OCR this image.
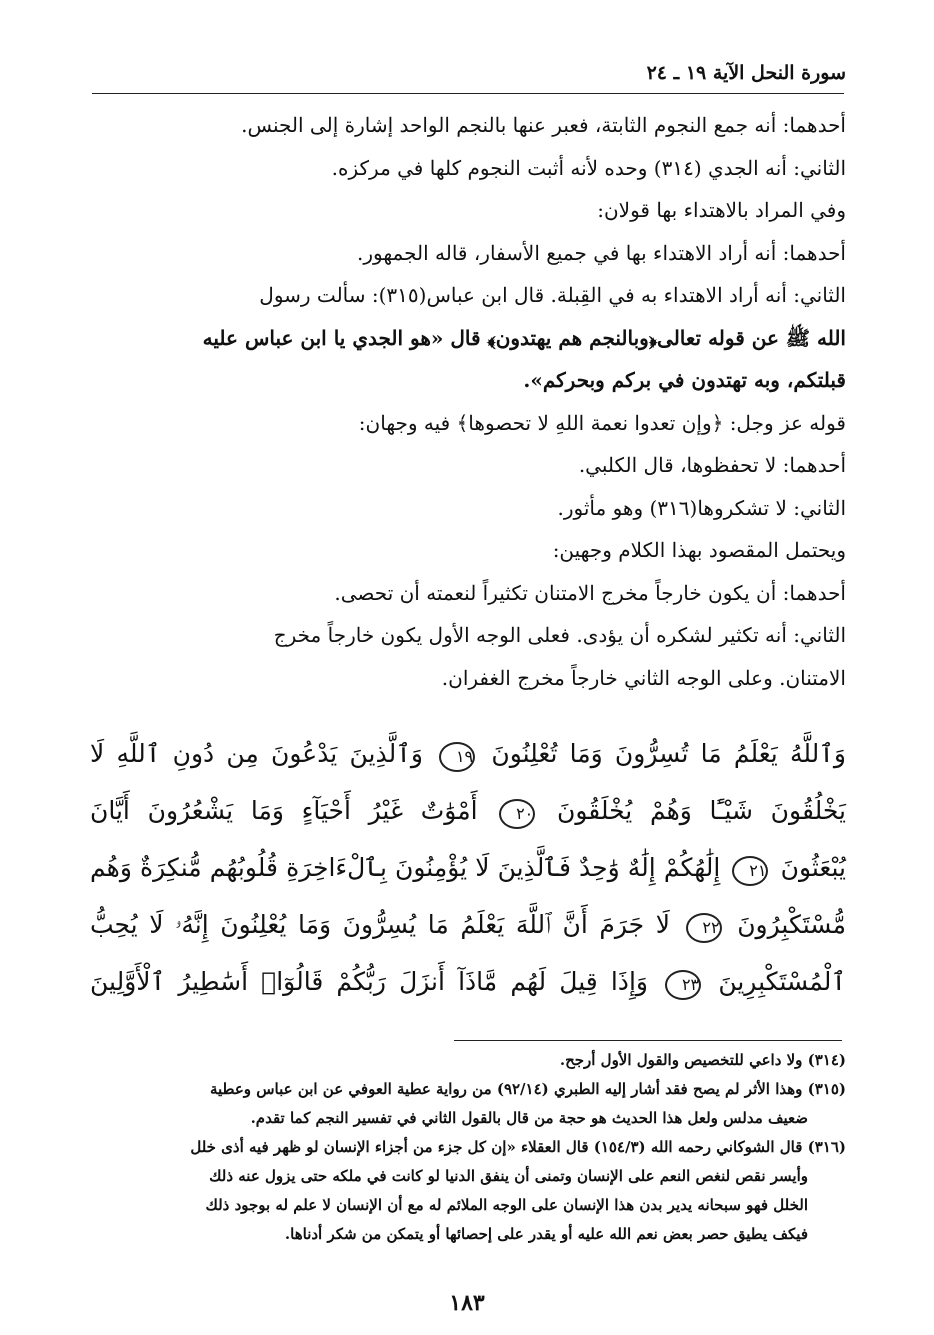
سورة النحل الآية ١٩ ـ ٢٤

أحدهما: أنه جمع النجوم الثابتة، فعبر عنها بالنجم الواحد إشارة إلى الجنس.

الثاني: أنه الجدي (٣١٤) وحده لأنه أثبت النجوم كلها في مركزه.

وفي المراد بالاهتداء بها قولان:

أحدهما: أنه أراد الاهتداء بها في جميع الأسفار، قاله الجمهور.

الثاني: أنه أراد الاهتداء به في القِبلة. قال ابن عباس(٣١٥): سألت رسول

الله ﷺ عن قوله تعالى﴿وبالنجم هم يهتدون﴾ قال «هو الجدي يا ابن عباس عليه

قبلتكم، وبه تهتدون في بركم وبحركم».

قوله عز وجل: ﴿وإن تعدوا نعمة اللهِ لا تحصوها﴾ فيه وجهان:

أحدهما: لا تحفظوها، قال الكلبي.

الثاني: لا تشكروها(٣١٦) وهو مأثور.

ويحتمل المقصود بهذا الكلام وجهين:

أحدهما: أن يكون خارجاً مخرج الامتنان تكثيراً لنعمته أن تحصى.

الثاني: أنه تكثير لشكره أن يؤدى. فعلى الوجه الأول يكون خارجاً مخرج

الامتنان. وعلى الوجه الثاني خارجاً مخرج الغفران.

وَٱللَّهُ يَعْلَمُ مَا تُسِرُّونَ وَمَا تُعْلِنُونَ ١٩ وَٱلَّذِينَ يَدْعُونَ مِن دُونِ ٱللَّهِ لَا

يَخْلُقُونَ شَيْـًٔا وَهُمْ يُخْلَقُونَ ٢٠ أَمْوَٰتٌ غَيْرُ أَحْيَآءٍ وَمَا يَشْعُرُونَ أَيَّانَ

يُبْعَثُونَ ٢١ إِلَٰهُكُمْ إِلَٰهٌ وَٰحِدٌ فَٱلَّذِينَ لَا يُؤْمِنُونَ بِٱلْءَاخِرَةِ قُلُوبُهُم مُّنكِرَةٌ وَهُم

مُّسْتَكْبِرُونَ ٢٢ لَا جَرَمَ أَنَّ ٱللَّهَ يَعْلَمُ مَا يُسِرُّونَ وَمَا يُعْلِنُونَ إِنَّهُۥ لَا يُحِبُّ

ٱلْمُسْتَكْبِرِينَ ٢٣ وَإِذَا قِيلَ لَهُم مَّاذَآ أَنزَلَ رَبُّكُمْ قَالُوٓا۟ أَسَٰطِيرُ ٱلْأَوَّلِينَ

(٣١٤) ولا داعي للتخصيص والقول الأول أرجح.

(٣١٥) وهذا الأثر لم يصح فقد أشار إليه الطبري (٩٢/١٤) من رواية عطية العوفي عن ابن عباس وعطية

ضعيف مدلس ولعل هذا الحديث هو حجة من قال بالقول الثاني في تفسير النجم كما تقدم.

(٣١٦) قال الشوكاني رحمه الله (١٥٤/٣) قال العقلاء «إن كل جزء من أجزاء الإنسان لو ظهر فيه أذى خلل

وأيسر نقص لنغص النعم على الإنسان وتمنى أن ينفق الدنيا لو كانت في ملكه حتى يزول عنه ذلك

الخلل فهو سبحانه يدير بدن هذا الإنسان على الوجه الملائم له مع أن الإنسان لا علم له بوجود ذلك

فيكف يطيق حصر بعض نعم الله عليه أو يقدر على إحصائها أو يتمكن من شكر أدناها.

١٨٣
